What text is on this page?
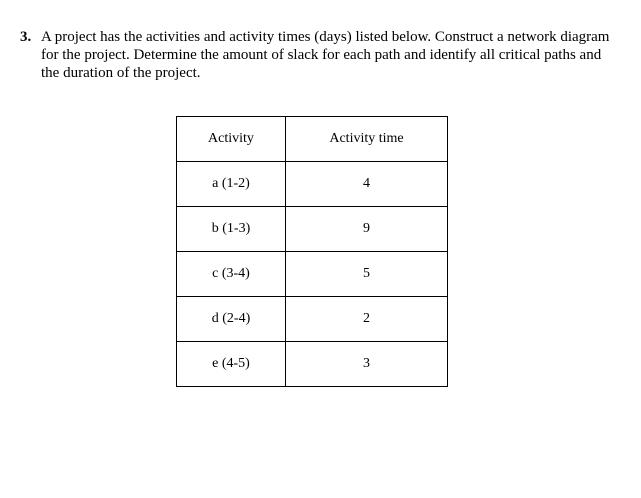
3. A project has the activities and activity times (days) listed below. Construct a network diagram for the project. Determine the amount of slack for each path and identify all critical paths and the duration of the project.

Activity	Activity time
a (1-2)	4
b (1-3)	9
c (3-4)	5
d (2-4)	2
e (4-5)	3
